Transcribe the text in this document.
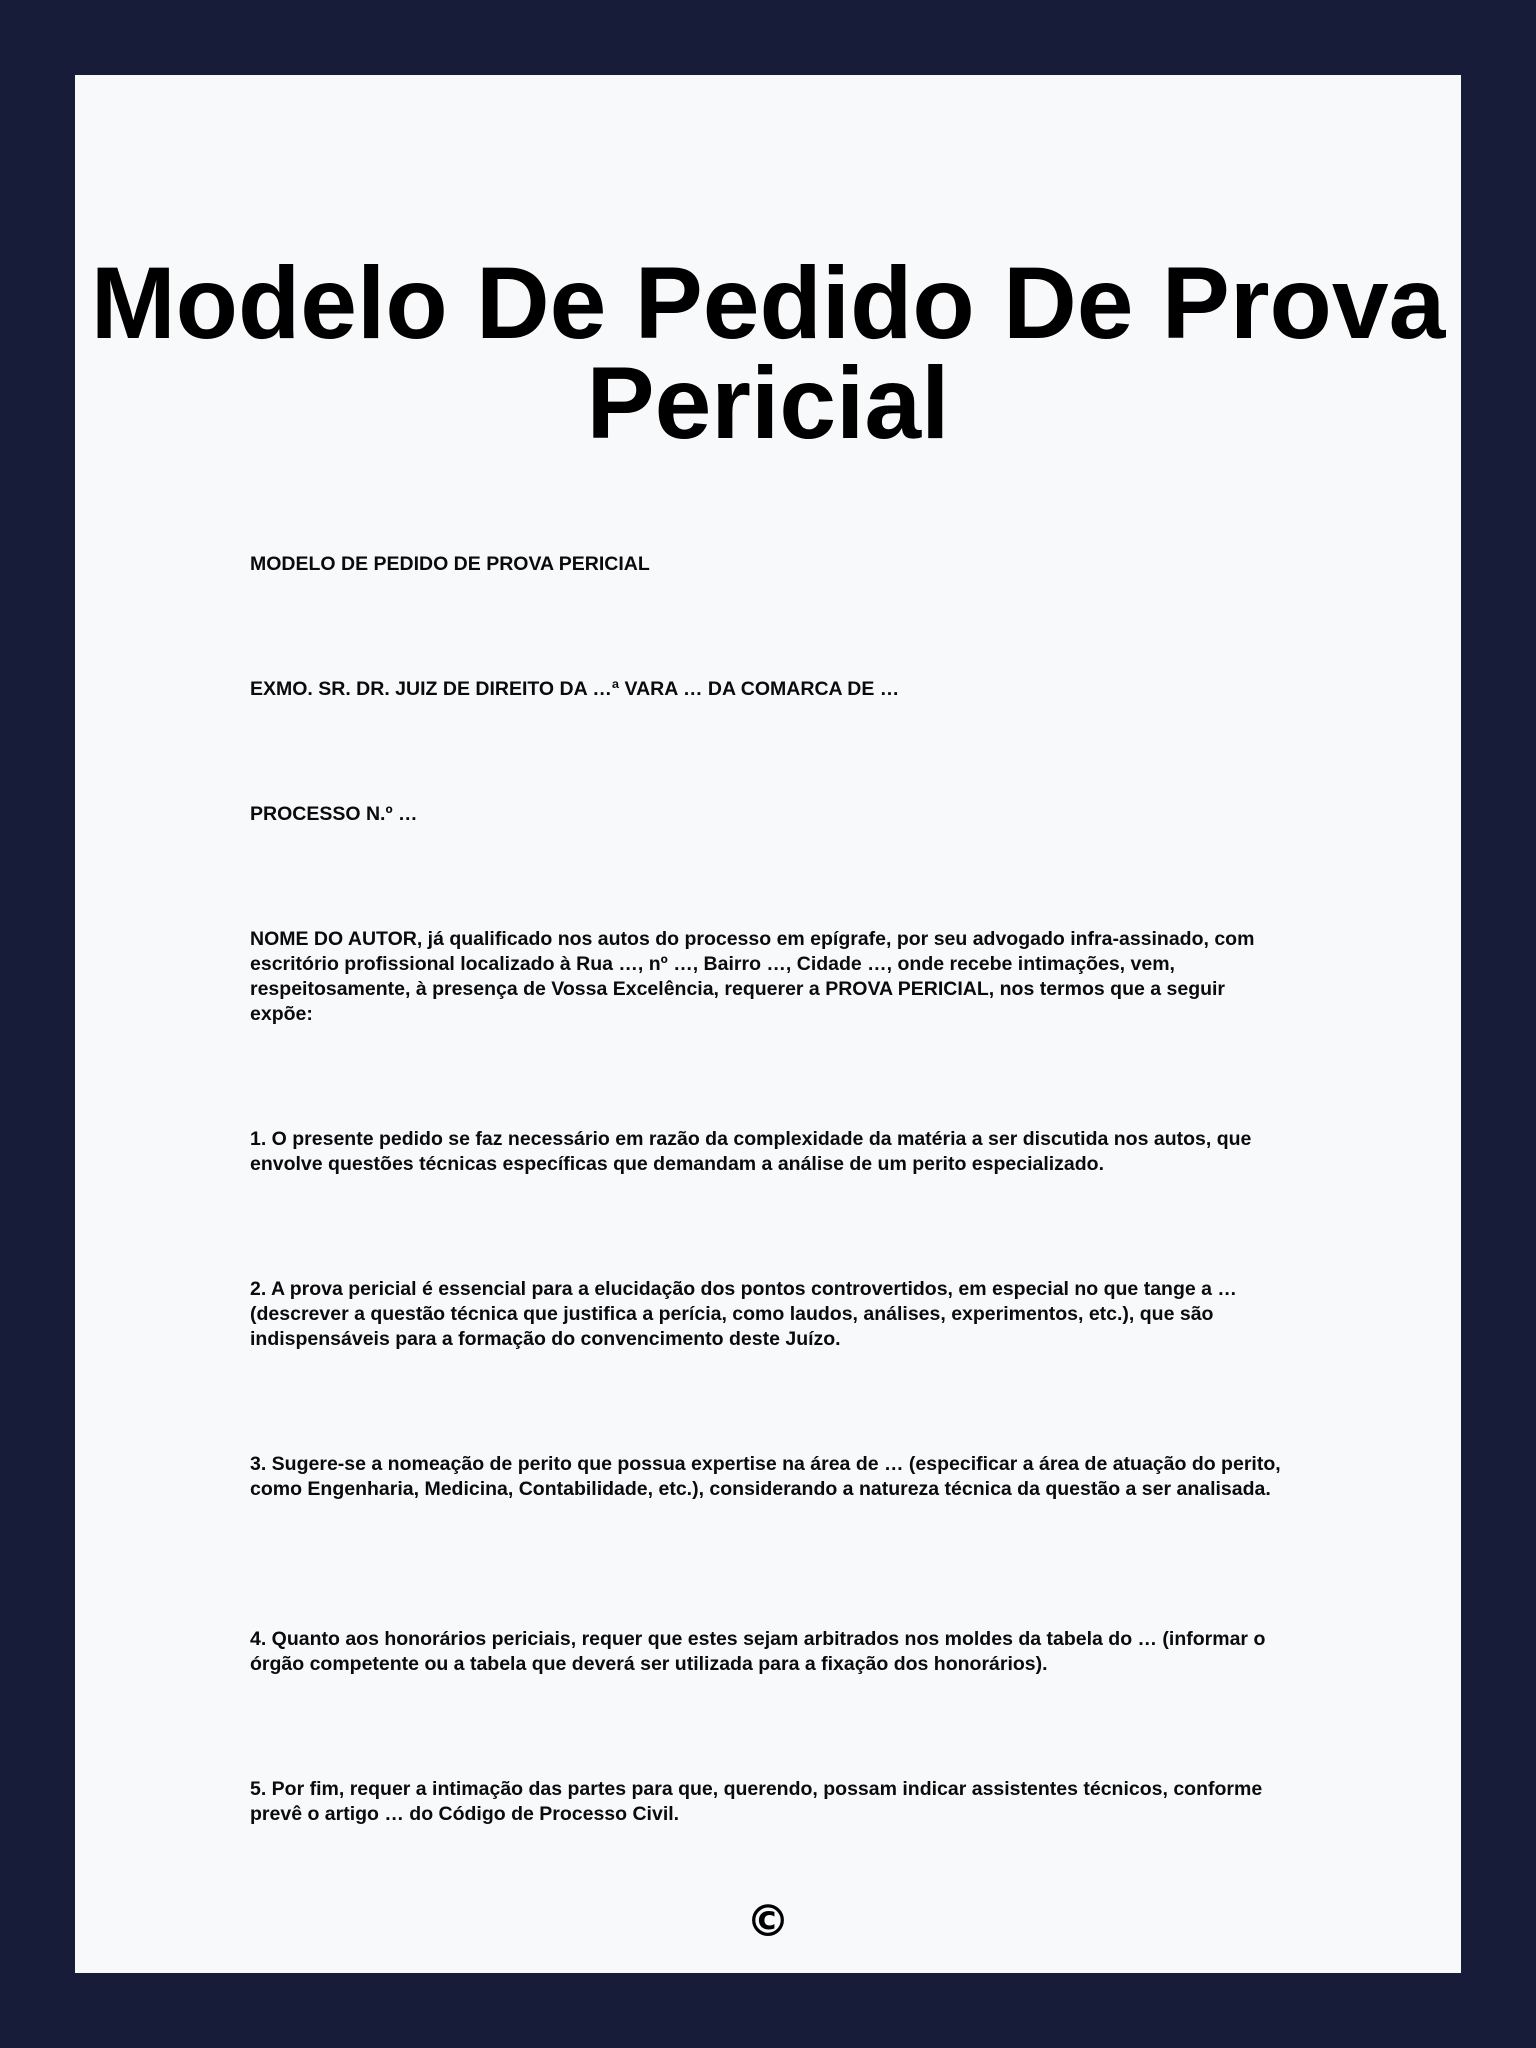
Modelo De Pedido De Prova Pericial

MODELO DE PEDIDO DE PROVA PERICIAL

EXMO. SR. DR. JUIZ DE DIREITO DA …ª VARA … DA COMARCA DE …

PROCESSO N.º …

NOME DO AUTOR, já qualificado nos autos do processo em epígrafe, por seu advogado infra-assinado, com escritório profissional localizado à Rua …, nº …, Bairro …, Cidade …, onde recebe intimações, vem, respeitosamente, à presença de Vossa Excelência, requerer a PROVA PERICIAL, nos termos que a seguir expõe:

1. O presente pedido se faz necessário em razão da complexidade da matéria a ser discutida nos autos, que envolve questões técnicas específicas que demandam a análise de um perito especializado.

2. A prova pericial é essencial para a elucidação dos pontos controvertidos, em especial no que tange a … (descrever a questão técnica que justifica a perícia, como laudos, análises, experimentos, etc.), que são indispensáveis para a formação do convencimento deste Juízo.

3. Sugere-se a nomeação de perito que possua expertise na área de … (especificar a área de atuação do perito, como Engenharia, Medicina, Contabilidade, etc.), considerando a natureza técnica da questão a ser analisada.

4. Quanto aos honorários periciais, requer que estes sejam arbitrados nos moldes da tabela do … (informar o órgão competente ou a tabela que deverá ser utilizada para a fixação dos honorários).

5. Por fim, requer a intimação das partes para que, querendo, possam indicar assistentes técnicos, conforme prevê o artigo … do Código de Processo Civil.

©
